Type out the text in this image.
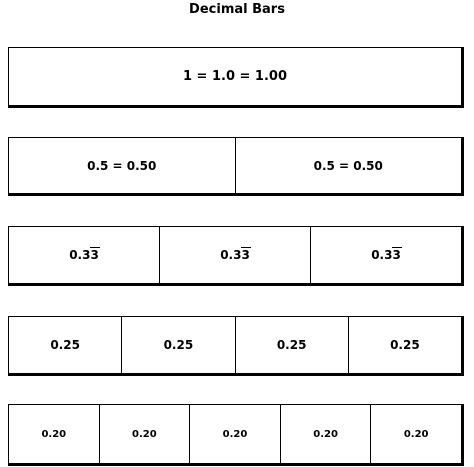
Decimal Bars
1 = 1.0 = 1.00
0.5 = 0.50	0.5 = 0.50
0.3 3	0.3 3	0.3 3
0.25	0.25	0.25	0.25
0.20	0.20	0.20	0.20	0.20
